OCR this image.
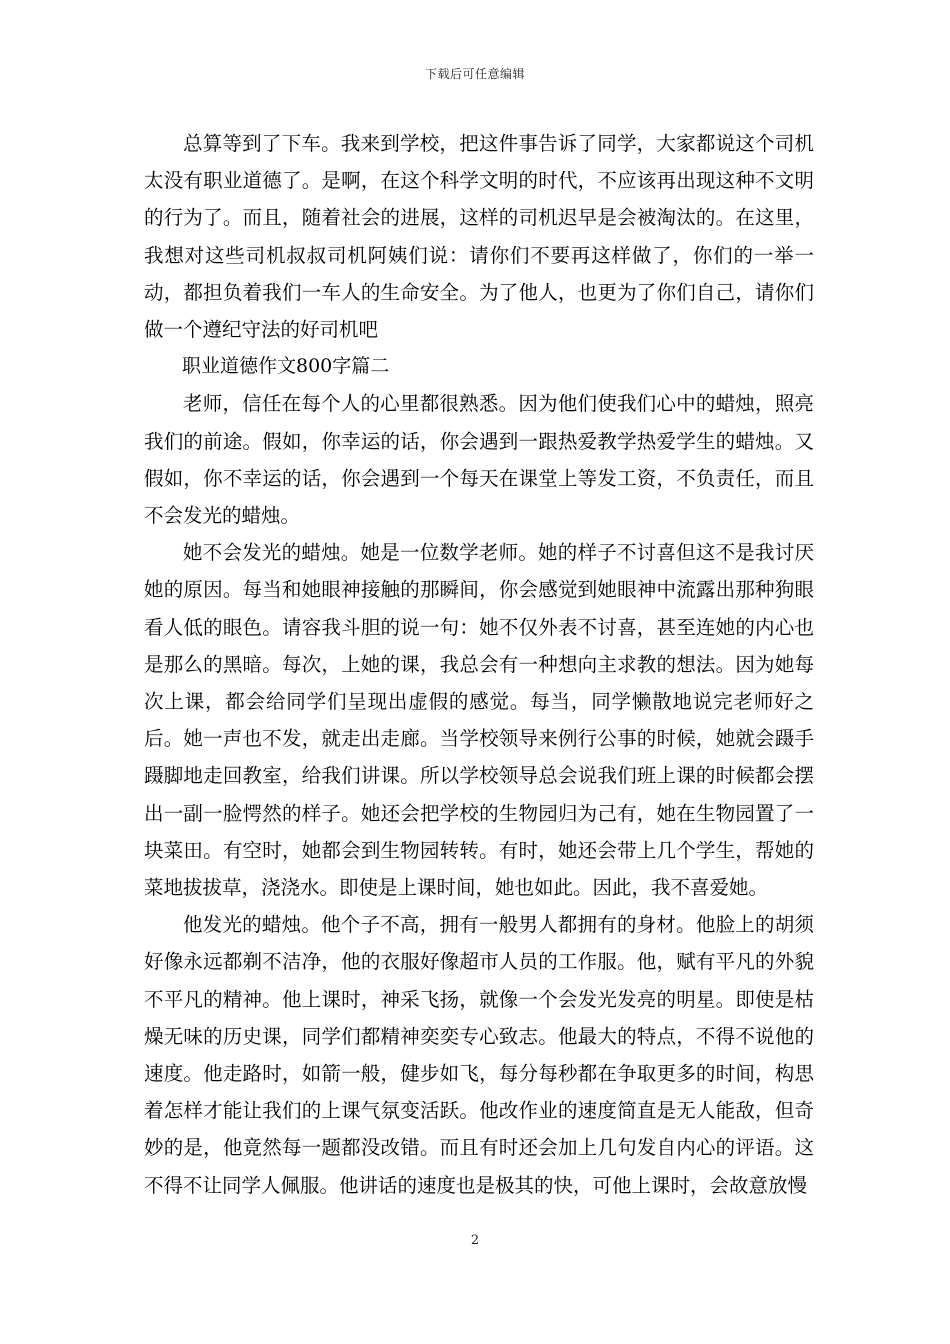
下载后可任意编辑

总算等到了下车。我来到学校，把这件事告诉了同学，大家都说这个司机太没有职业道德了。是啊，在这个科学文明的时代，不应该再出现这种不文明的行为了。而且，随着社会的进展，这样的司机迟早是会被淘汰的。在这里，我想对这些司机叔叔司机阿姨们说：请你们不要再这样做了，你们的一举一动，都担负着我们一车人的生命安全。为了他人，也更为了你们自己，请你们做一个遵纪守法的好司机吧

职业道德作文800字篇二

老师，信任在每个人的心里都很熟悉。因为他们使我们心中的蜡烛，照亮我们的前途。假如，你幸运的话，你会遇到一跟热爱教学热爱学生的蜡烛。又假如，你不幸运的话，你会遇到一个每天在课堂上等发工资，不负责任，而且不会发光的蜡烛。

她不会发光的蜡烛。她是一位数学老师。她的样子不讨喜但这不是我讨厌她的原因。每当和她眼神接触的那瞬间，你会感觉到她眼神中流露出那种狗眼看人低的眼色。请容我斗胆的说一句：她不仅外表不讨喜，甚至连她的内心也是那么的黑暗。每次，上她的课，我总会有一种想向主求教的想法。因为她每次上课，都会给同学们呈现出虚假的感觉。每当，同学懒散地说完老师好之后。她一声也不发，就走出走廊。当学校领导来例行公事的时候，她就会蹑手蹑脚地走回教室，给我们讲课。所以学校领导总会说我们班上课的时候都会摆出一副一脸愕然的样子。她还会把学校的生物园归为己有，她在生物园置了一块菜田。有空时，她都会到生物园转转。有时，她还会带上几个学生，帮她的菜地拔拔草，浇浇水。即使是上课时间，她也如此。因此，我不喜爱她。

他发光的蜡烛。他个子不高，拥有一般男人都拥有的身材。他脸上的胡须好像永远都剃不洁净，他的衣服好像超市人员的工作服。他，赋有平凡的外貌不平凡的精神。他上课时，神采飞扬，就像一个会发光发亮的明星。即使是枯燥无味的历史课，同学们都精神奕奕专心致志。他最大的特点，不得不说他的速度。他走路时，如箭一般，健步如飞，每分每秒都在争取更多的时间，构思着怎样才能让我们的上课气氛变活跃。他改作业的速度简直是无人能敌，但奇妙的是，他竟然每一题都没改错。而且有时还会加上几句发自内心的评语。这不得不让同学人佩服。他讲话的速度也是极其的快，可他上课时，会故意放慢

2
